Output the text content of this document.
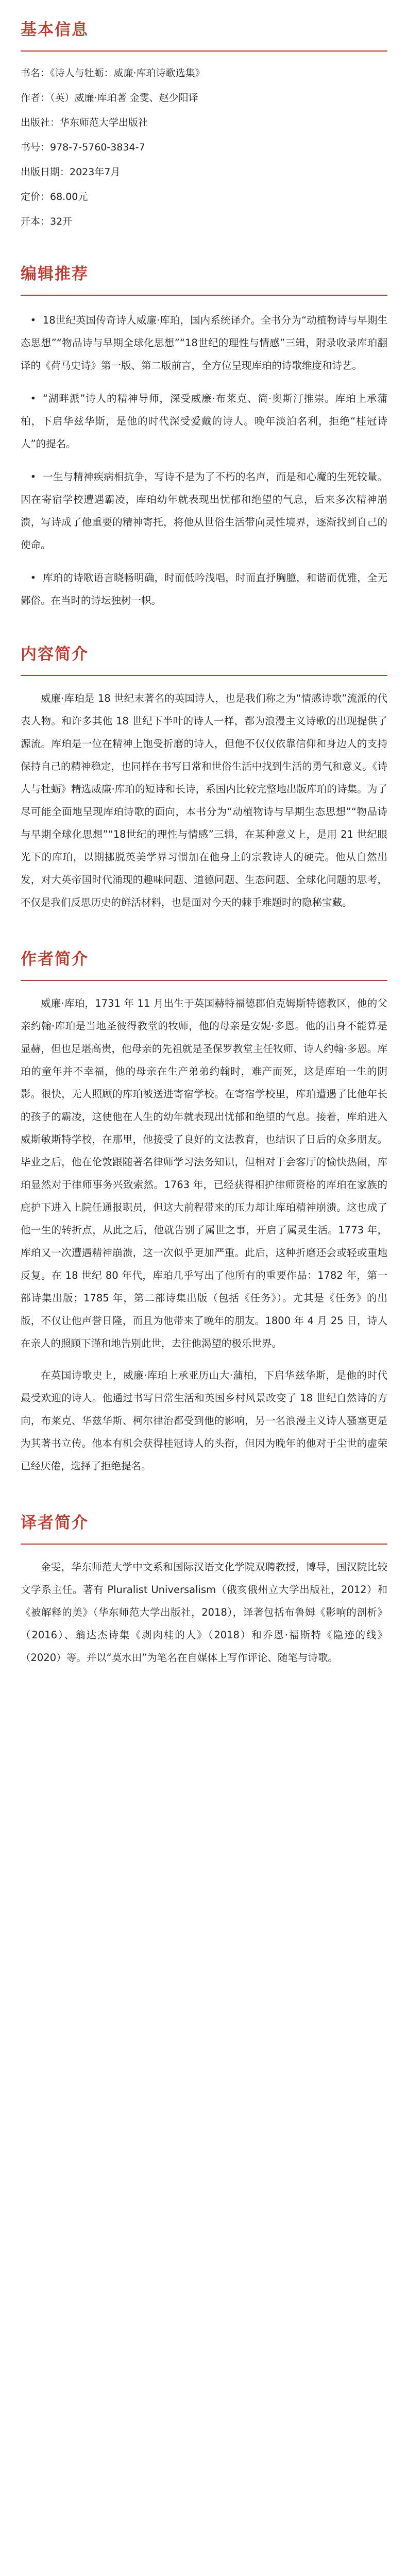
基本信息
书名：《诗人与牡蛎：威廉·库珀诗歌选集》
作者：（英）威廉·库珀著 金雯、赵少阳译
出版社：华东师范大学出版社
书号：978-7-5760-3834-7
出版日期：2023年7月
定价：68.00元
开本：32开
编辑推荐

• 18世纪英国传奇诗人威廉·库珀，国内系统译介。全书分为“动植物诗与早期生态思想”“物品诗与早期全球化思想”“18世纪的理性与情感”三辑，附录收录库珀翻译的《荷马史诗》第一版、第二版前言，全方位呈现库珀的诗歌维度和诗艺。

• “湖畔派”诗人的精神导师，深受威廉·布莱克、简·奥斯汀推崇。库珀上承蒲柏，下启华兹华斯，是他的时代深受爱戴的诗人。晚年淡泊名利，拒绝“桂冠诗人”的提名。

• 一生与精神疾病相抗争，写诗不是为了不朽的名声，而是和心魔的生死较量。因在寄宿学校遭遇霸凌，库珀幼年就表现出忧郁和绝望的气息，后来多次精神崩溃，写诗成了他重要的精神寄托，将他从世俗生活带向灵性境界，逐渐找到自己的使命。

• 库珀的诗歌语言晓畅明确，时而低吟浅唱，时而直抒胸臆，和谐而优雅，全无鄙俗。在当时的诗坛独树一帜。

内容简介

威廉·库珀是 18 世纪末著名的英国诗人，也是我们称之为“情感诗歌”流派的代表人物。和许多其他 18 世纪下半叶的诗人一样，都为浪漫主义诗歌的出现提供了源流。库珀是一位在精神上饱受折磨的诗人，但他不仅仅依靠信仰和身边人的支持保持自己的精神稳定，也同样在书写日常和世俗生活中找到生活的勇气和意义。《诗人与牡蛎》精选威廉·库珀的短诗和长诗，系国内比较完整地出版库珀的诗集。为了尽可能全面地呈现库珀诗歌的面向，本书分为“动植物诗与早期生态思想”“物品诗与早期全球化思想”“18世纪的理性与情感”三辑，在某种意义上，是用 21 世纪眼光下的库珀，以期挪脱英美学界习惯加在他身上的宗教诗人的硬壳。他从自然出发，对大英帝国时代涌现的趣味问题、道德问题、生态问题、全球化问题的思考，不仅是我们反思历史的鲜活材料，也是面对今天的棘手难题时的隐秘宝藏。

作者简介

威廉·库珀，1731 年 11 月出生于英国赫特福德郡伯克姆斯特德教区，他的父亲约翰·库珀是当地圣彼得教堂的牧师，他的母亲是安妮·多恩。他的出身不能算是显赫，但也足堪高贵，他母亲的先祖就是圣保罗教堂主任牧师、诗人约翰·多恩。库珀的童年并不幸福，他的母亲在生产弟弟约翰时，难产而死，这是库珀一生的阴影。很快，无人照顾的库珀被送进寄宿学校。在寄宿学校里，库珀遭遇了比他年长的孩子的霸凌，这使他在人生的幼年就表现出忧郁和绝望的气息。接着，库珀进入威斯敏斯特学校，在那里，他接受了良好的文法教育，也结识了日后的众多朋友。毕业之后，他在伦敦跟随著名律师学习法务知识，但相对于会客厅的愉快热闹，库珀显然对于律师事务兴致索然。1763 年，已经获得相护律师资格的库珀在家族的庇护下进入上院任通报职员，但这大前程带来的压力却让库珀精神崩溃。这也成了他一生的转折点，从此之后，他就告别了属世之事，开启了属灵生活。1773 年，库珀又一次遭遇精神崩溃，这一次似乎更加严重。此后，这种折磨还会或轻或重地反复。在 18 世纪 80 年代，库珀几乎写出了他所有的重要作品：1782 年，第一部诗集出版；1785 年，第二部诗集出版（包括《任务》）。尤其是《任务》的出版，不仅让他声誉日隆，而且为他带来了晚年的朋友。1800 年 4 月 25 日，诗人在亲人的照顾下谨和地告别此世，去往他渴望的极乐世界。

在英国诗歌史上，威廉·库珀上承亚历山大·蒲柏，下启华兹华斯，是他的时代最受欢迎的诗人。他通过书写日常生活和英国乡村风景改变了 18 世纪自然诗的方向，布莱克、华兹华斯、柯尔律治都受到他的影响，另一名浪漫主义诗人骚塞更是为其著书立传。他本有机会获得桂冠诗人的头衔，但因为晚年的他对于尘世的虚荣已经厌倦，选择了拒绝提名。

译者简介

金雯，华东师范大学中文系和国际汉语文化学院双聘教授，博导，国汉院比较文学系主任。著有 Pluralist Universalism（俄亥俄州立大学出版社，2012）和《被解释的美》（华东师范大学出版社，2018），译著包括布鲁姆《影响的剖析》（2016）、翁达杰诗集《剥肉桂的人》（2018）和乔恩·福斯特《隐迹的线》（2020）等。并以“莫水田”为笔名在自媒体上写作评论、随笔与诗歌。
